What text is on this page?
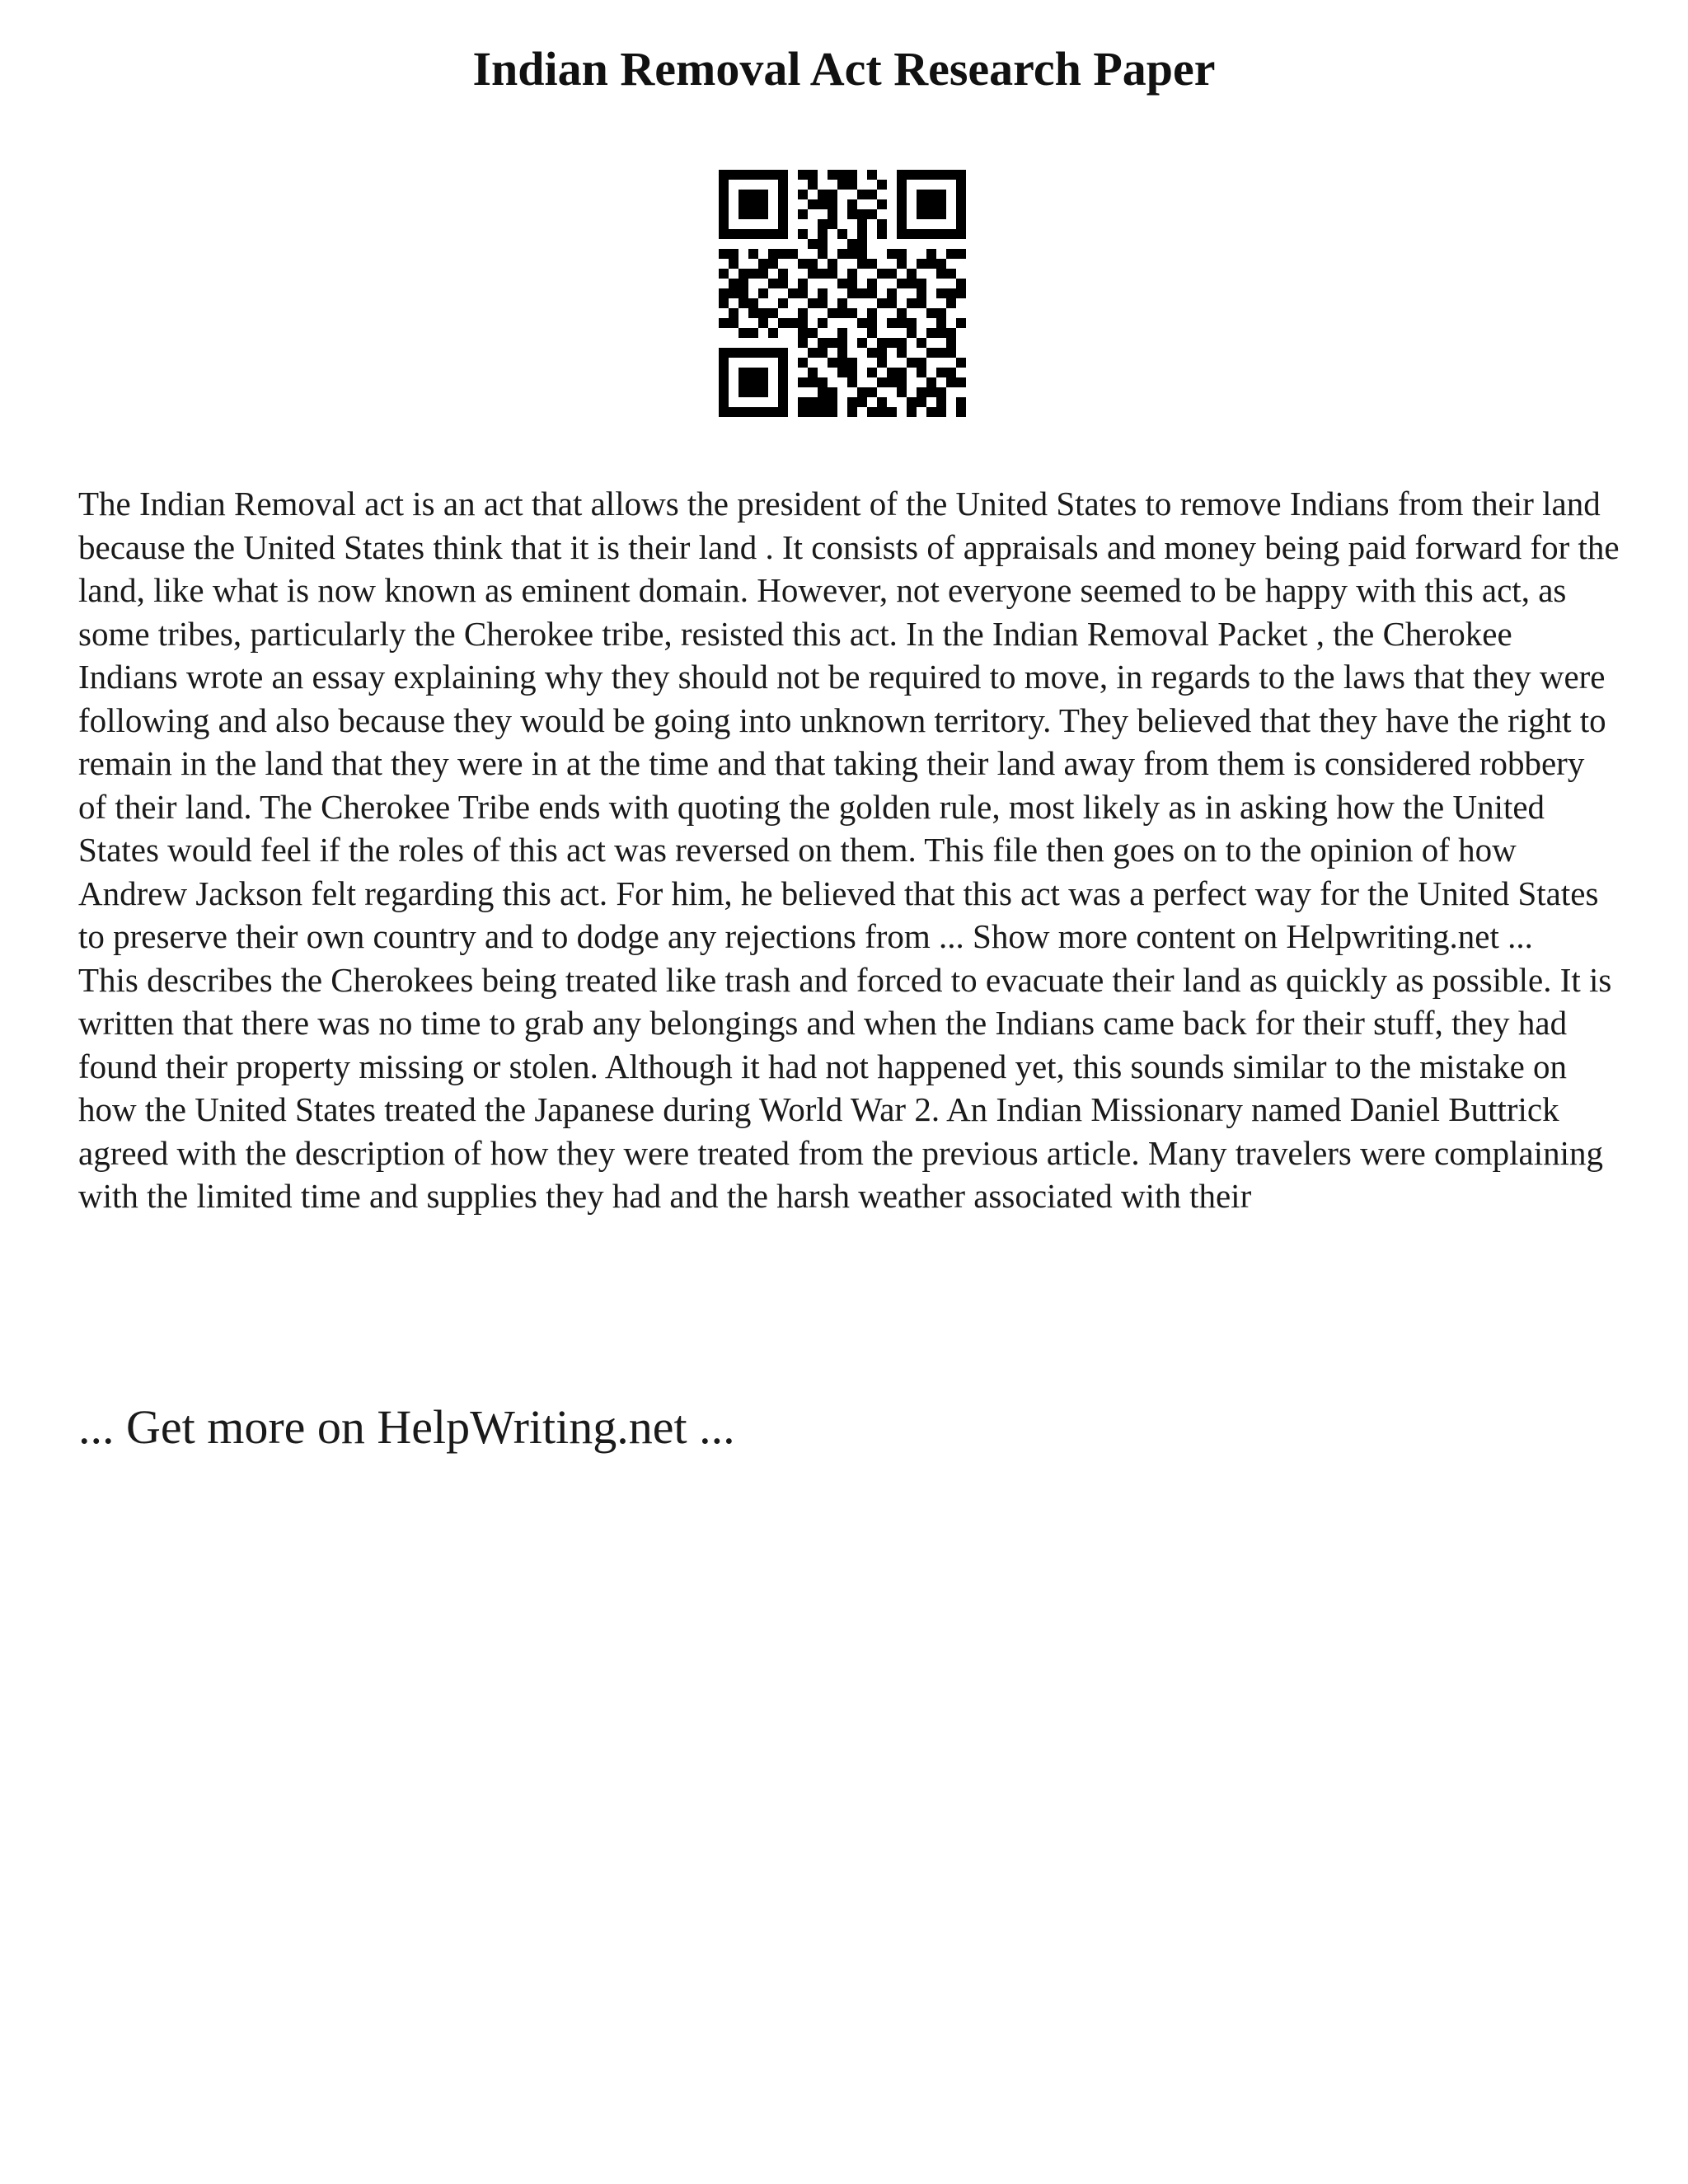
Indian Removal Act Research Paper

The Indian Removal act is an act that allows the president of the United States to remove Indians from their land because the United States think that it is their land . It consists of appraisals and money being paid forward for the land, like what is now known as eminent domain. However, not everyone seemed to be happy with this act, as some tribes, particularly the Cherokee tribe, resisted this act. In the Indian Removal Packet , the Cherokee Indians wrote an essay explaining why they should not be required to move, in regards to the laws that they were following and also because they would be going into unknown territory. They believed that they have the right to remain in the land that they were in at the time and that taking their land away from them is considered robbery of their land. The Cherokee Tribe ends with quoting the golden rule, most likely as in asking how the United States would feel if the roles of this act was reversed on them. This file then goes on to the opinion of how Andrew Jackson felt regarding this act. For him, he believed that this act was a perfect way for the United States to preserve their own country and to dodge any rejections from ... Show more content on Helpwriting.net ...

This describes the Cherokees being treated like trash and forced to evacuate their land as quickly as possible. It is written that there was no time to grab any belongings and when the Indians came back for their stuff, they had found their property missing or stolen. Although it had not happened yet, this sounds similar to the mistake on how the United States treated the Japanese during World War 2. An Indian Missionary named Daniel Buttrick agreed with the description of how they were treated from the previous article. Many travelers were complaining with the limited time and supplies they had and the harsh weather associated with their

... Get more on HelpWriting.net ...
